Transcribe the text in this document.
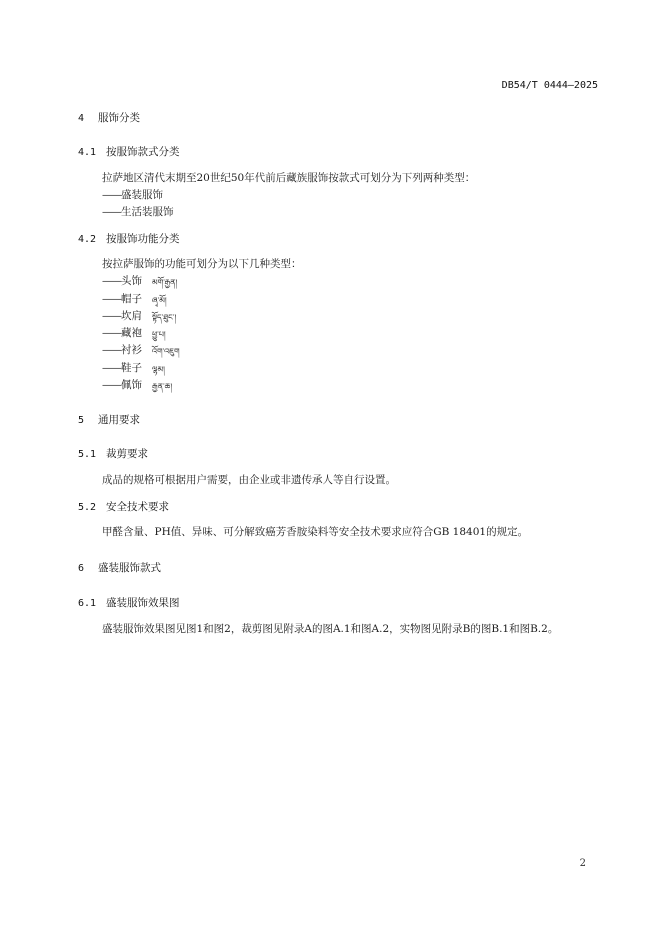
DB54/T 0444—2025
4 服饰分类
4.1 按服饰款式分类
拉萨地区清代末期至20世纪50年代前后藏族服饰按款式可划分为下列两种类型：
——盛装服饰
——生活装服饰
4.2 按服饰功能分类
按拉萨服饰的功能可划分为以下几种类型：
——头饰 མགོ་རྒྱན།
——帽子 ཞྭ་མོ།
——坎肩 སྟོད་ཐུང་།
——藏袍 ཕྱུ་པ།
——衬衫 འོག་འཇུག
——鞋子 ལྷམ།
——佩饰 རྒྱན་ཆ།
5 通用要求
5.1 裁剪要求
成品的规格可根据用户需要，由企业或非遗传承人等自行设置。
5.2 安全技术要求
甲醛含量、PH值、异味、可分解致癌芳香胺染料等安全技术要求应符合GB 18401的规定。
6 盛装服饰款式
6.1 盛装服饰效果图
盛装服饰效果图见图1和图2，裁剪图见附录A的图A.1和图A.2，实物图见附录B的图B.1和图B.2。
2
